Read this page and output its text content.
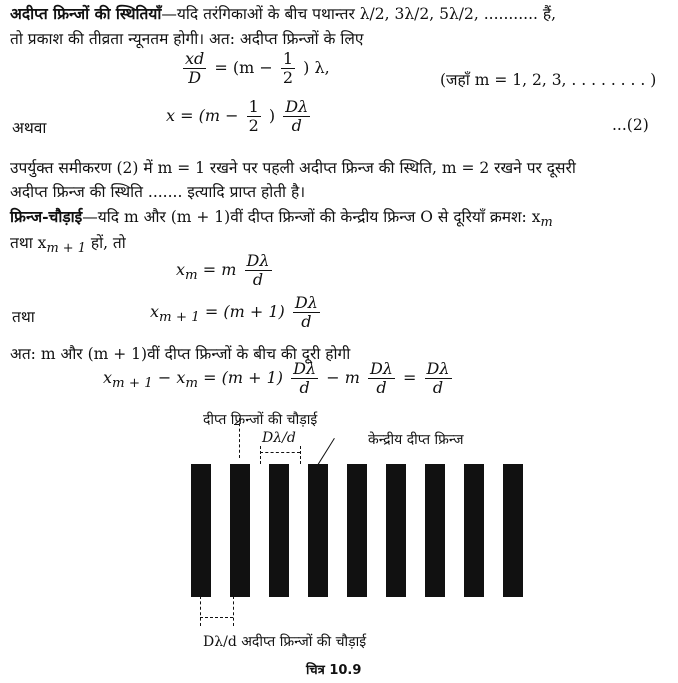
अदीप्त फ्रिन्जों की स्थितियाँ—यदि तरंगिकाओं के बीच पथान्तर λ/2, 3λ/2, 5λ/2, ........... हैं,
तो प्रकाश की तीव्रता न्यूनतम होगी। अत: अदीप्त फ्रिन्जों के लिए
$\frac{xd}{D} = (m - \frac{1}{2}$ ) λ,
(जहाँ m = 1, 2, 3, . . . . . . . . )
अथवा
$x = (m - \frac{1}{2}$ ) $\frac{D\lambda}{d}$	...(2)
उपर्युक्त समीकरण (2) में m = 1 रखने पर पहली अदीप्त फ्रिन्ज की स्थिति, m = 2 रखने पर दूसरी
अदीप्त फ्रिन्ज की स्थिति ....... इत्यादि प्राप्त होती है।
फ्रिन्ज-चौड़ाई—यदि m और (m + 1)वीं दीप्त फ्रिन्जों की केन्द्रीय फ्रिन्ज O से दूरियाँ क्रमश: $x_m$
तथा $x_{m + 1}$ हों, तो
$x_m = m \frac{D\lambda}{d}$
तथा	$x_{m + 1} = (m + 1) \frac{D\lambda}{d}$
अत: m और (m + 1)वीं दीप्त फ्रिन्जों के बीच की दूरी होगी
$x_{m + 1} - x_m = (m + 1) \frac{D\lambda}{d} - m \frac{D\lambda}{d} = \frac{D\lambda}{d}$
दीप्त फ्रिन्जों की चौड़ाई
Dλ/d	केन्द्रीय दीप्त फ्रिन्ज
Dλ/d अदीप्त फ्रिन्जों की चौड़ाई
चित्र 10.9
